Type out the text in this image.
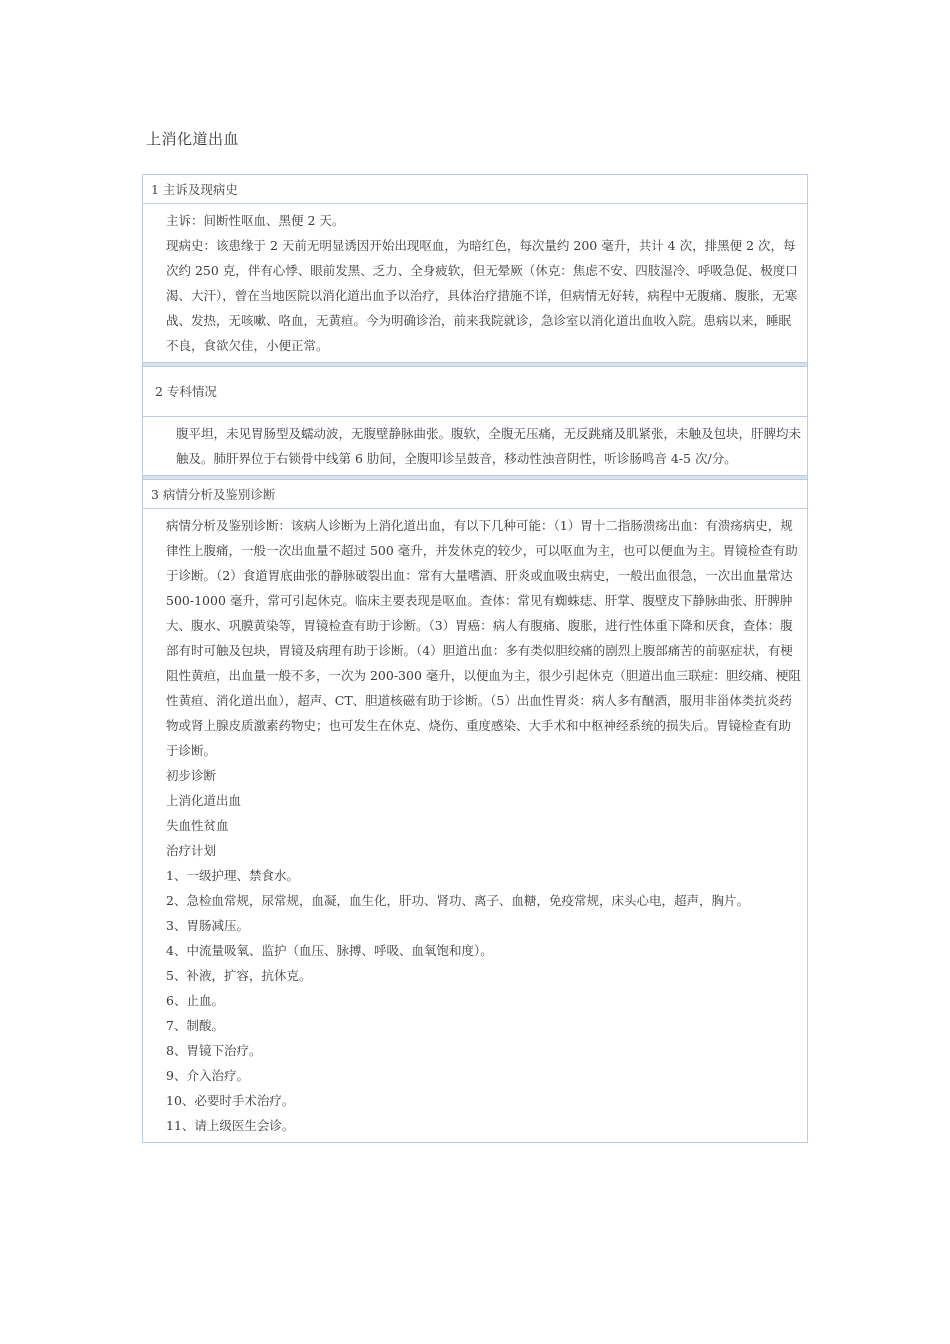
上消化道出血
1 主诉及现病史

主诉：间断性呕血、黑便 2 天。

现病史：该患缘于 2 天前无明显诱因开始出现呕血，为暗红色，每次量约 200 毫升，共计 4 次，排黑便 2 次，每次约 250 克，伴有心悸、眼前发黑、乏力、全身疲软，但无晕厥（休克：焦虑不安、四肢湿冷、呼吸急促、极度口渴、大汗），曾在当地医院以消化道出血予以治疗，具体治疗措施不详，但病情无好转，病程中无腹痛、腹胀，无寒战、发热，无咳嗽、咯血，无黄疸。今为明确诊治，前来我院就诊，急诊室以消化道出血收入院。患病以来，睡眠不良，食欲欠佳，小便正常。

2 专科情况

腹平坦，未见胃肠型及蠕动波，无腹壁静脉曲张。腹软，全腹无压痛，无反跳痛及肌紧张，未触及包块，肝脾均未触及。肺肝界位于右锁骨中线第 6 肋间，全腹叩诊呈鼓音，移动性浊音阴性，听诊肠鸣音 4-5 次/分。

3 病情分析及鉴别诊断

病情分析及鉴别诊断：该病人诊断为上消化道出血，有以下几种可能：（1）胃十二指肠溃疡出血：有溃疡病史，规律性上腹痛，一般一次出血量不超过 500 毫升，并发休克的较少，可以呕血为主，也可以便血为主。胃镜检查有助于诊断。（2）食道胃底曲张的静脉破裂出血：常有大量嗜酒、肝炎或血吸虫病史，一般出血很急，一次出血量常达 500-1000 毫升，常可引起休克。临床主要表现是呕血。查体：常见有蜘蛛痣、肝掌、腹壁皮下静脉曲张、肝脾肿大、腹水、巩膜黄染等，胃镜检查有助于诊断。（3）胃癌：病人有腹痛、腹胀，进行性体重下降和厌食，查体：腹部有时可触及包块，胃镜及病理有助于诊断。（4）胆道出血：多有类似胆绞痛的剧烈上腹部痛苦的前驱症状，有梗阻性黄疸，出血量一般不多，一次为 200-300 毫升，以便血为主，很少引起休克（胆道出血三联症：胆绞痛、梗阻性黄疸、消化道出血），超声、CT、胆道核磁有助于诊断。（5）出血性胃炎：病人多有酗酒，服用非甾体类抗炎药物或肾上腺皮质激素药物史；也可发生在休克、烧伤、重度感染、大手术和中枢神经系统的损失后。胃镜检查有助于诊断。

初步诊断

上消化道出血

失血性贫血

治疗计划

1、一级护理、禁食水。

2、急检血常规，尿常规，血凝，血生化，肝功、肾功、离子、血糖，免疫常规，床头心电，超声，胸片。

3、胃肠减压。

4、中流量吸氧、监护（血压、脉搏、呼吸、血氧饱和度）。

5、补液，扩容，抗休克。

6、止血。

7、制酸。

8、胃镜下治疗。

9、介入治疗。

10、必要时手术治疗。

11、请上级医生会诊。
